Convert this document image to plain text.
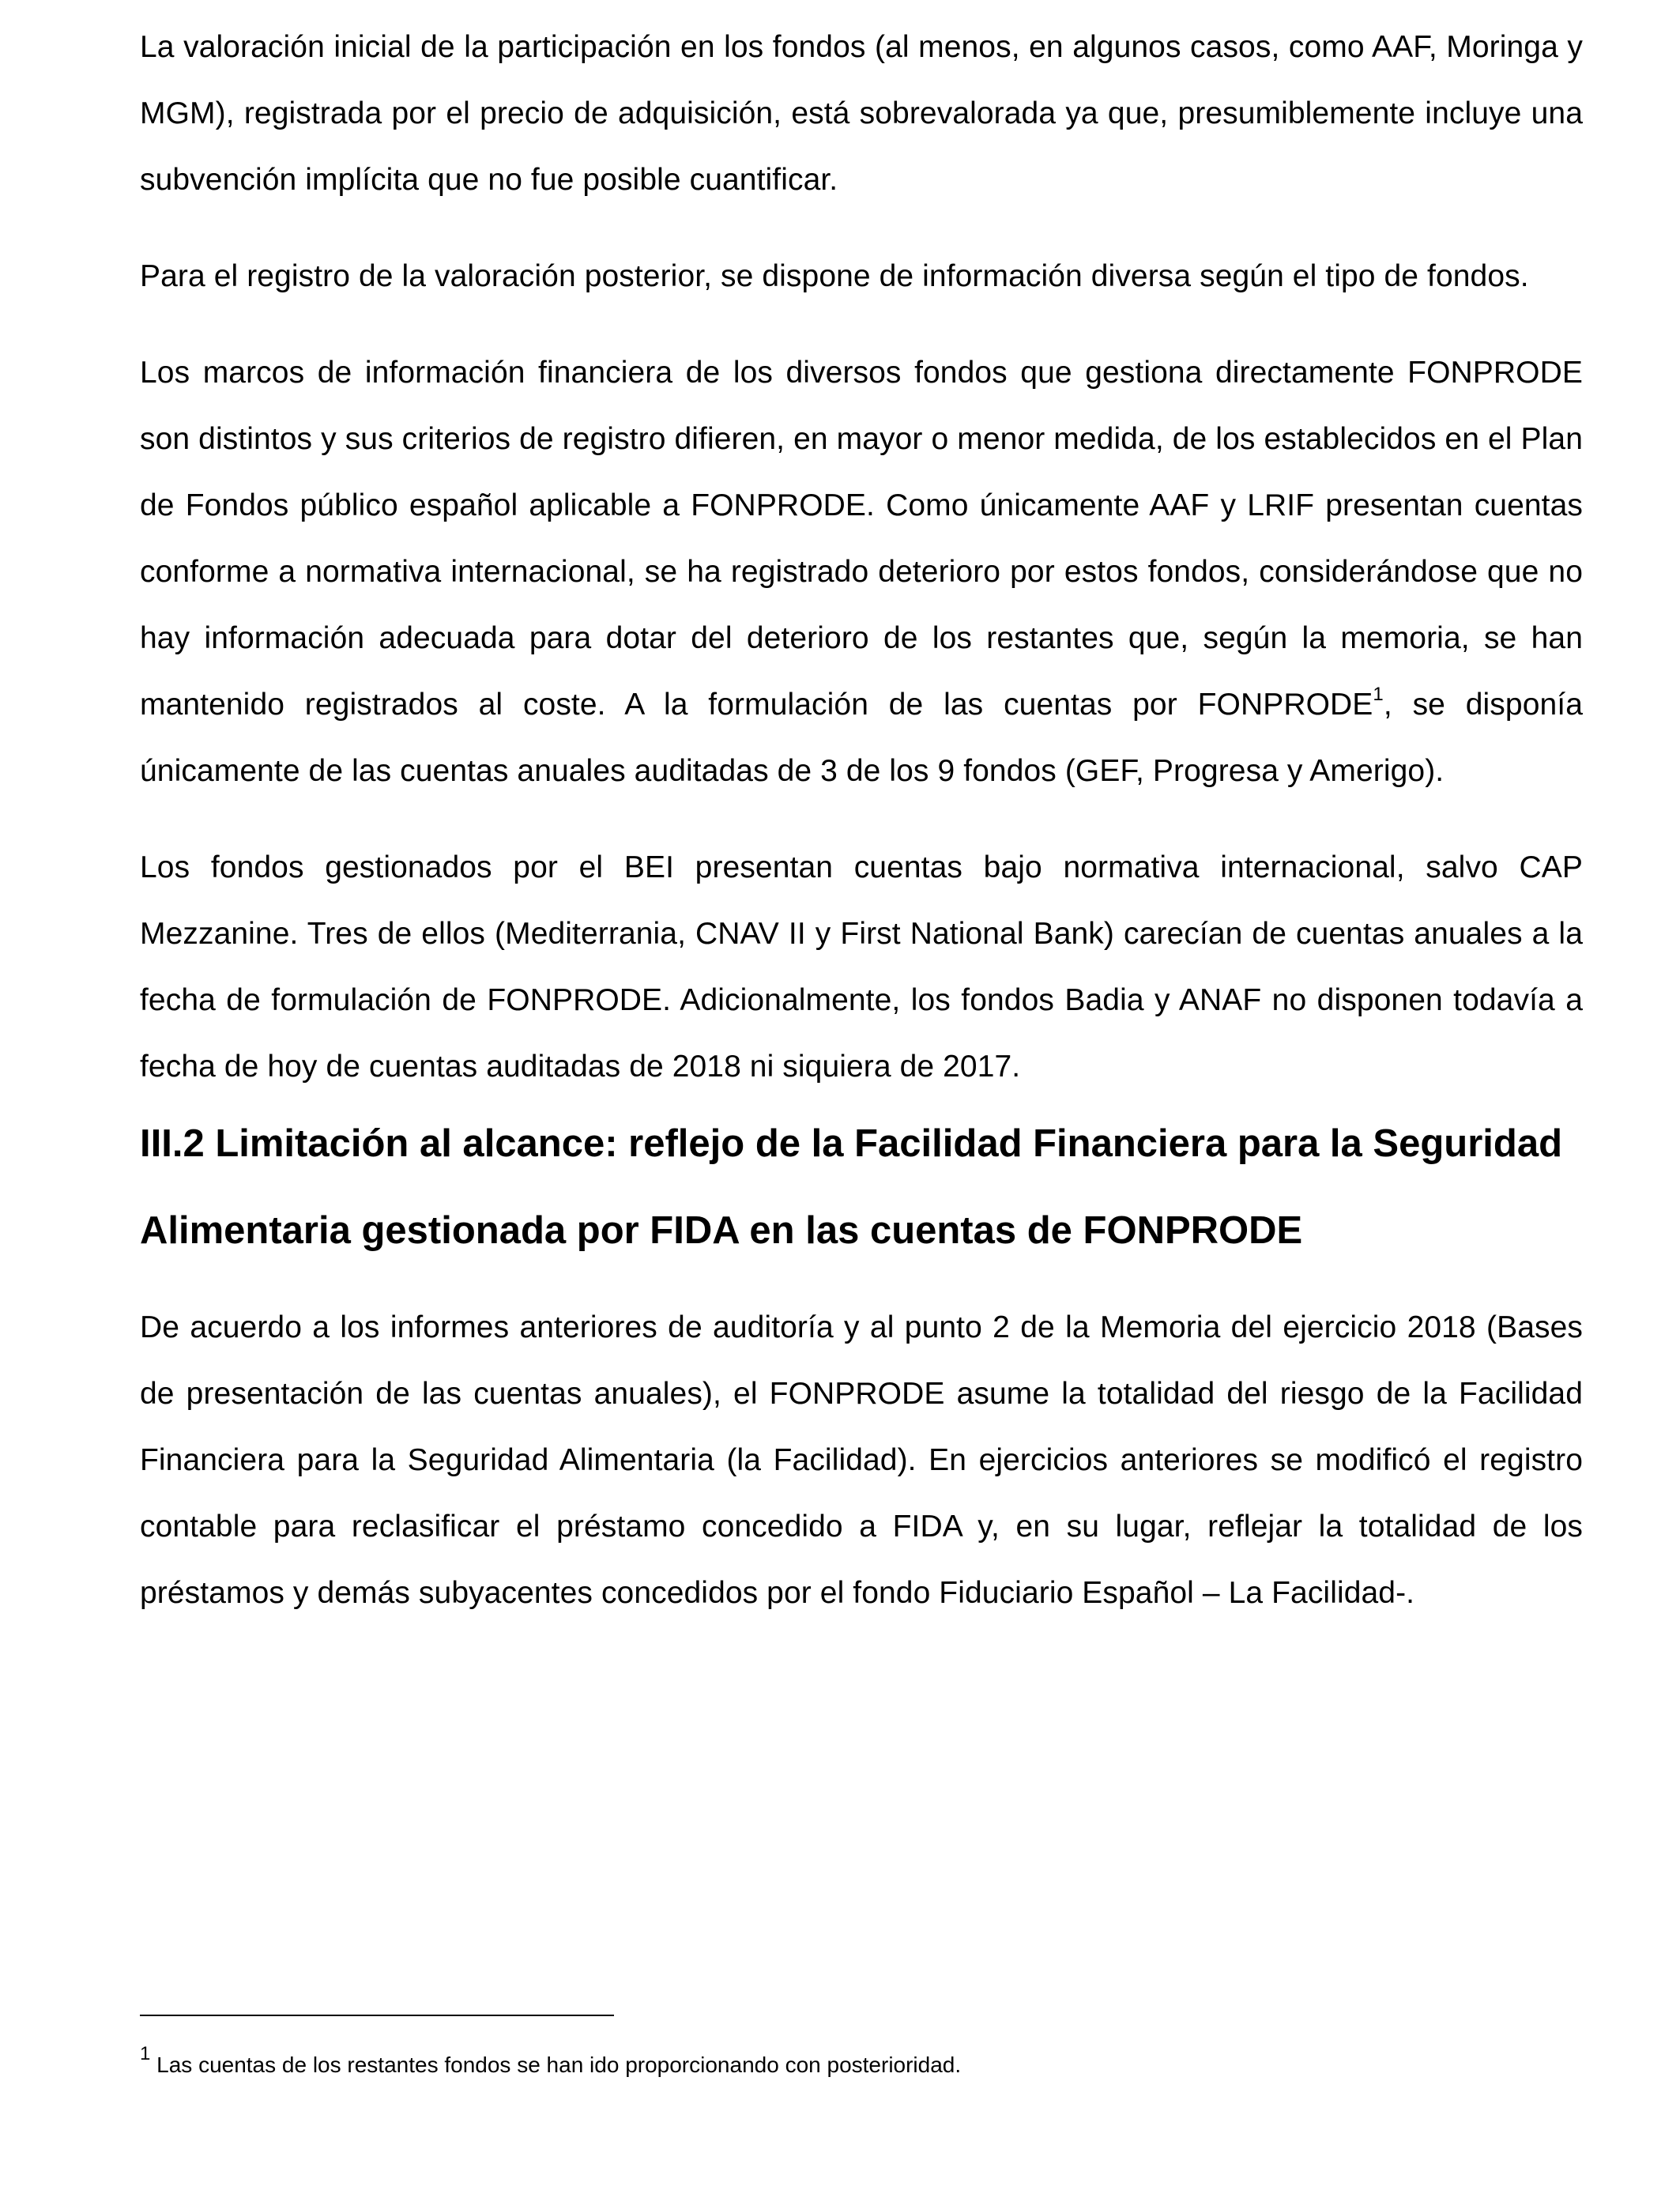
La valoración inicial de la participación en los fondos (al menos, en algunos casos, como AAF, Moringa y MGM), registrada por el precio de adquisición, está sobrevalorada ya que, presumiblemente incluye una subvención implícita que no fue posible cuantificar.

Para el registro de la valoración posterior, se dispone de información diversa según el tipo de fondos.

Los marcos de información financiera de los diversos fondos que gestiona directamente FONPRODE son distintos y sus criterios de registro difieren, en mayor o menor medida, de los establecidos en el Plan de Fondos público español aplicable a FONPRODE. Como únicamente AAF y LRIF presentan cuentas conforme a normativa internacional, se ha registrado deterioro por estos fondos, considerándose que no hay información adecuada para dotar del deterioro de los restantes que, según la memoria, se han mantenido registrados al coste. A la formulación de las cuentas por FONPRODE$^1$, se disponía únicamente de las cuentas anuales auditadas de 3 de los 9 fondos (GEF, Progresa y Amerigo).

Los fondos gestionados por el BEI presentan cuentas bajo normativa internacional, salvo CAP Mezzanine. Tres de ellos (Mediterrania, CNAV II y First National Bank) carecían de cuentas anuales a la fecha de formulación de FONPRODE. Adicionalmente, los fondos Badia y ANAF no disponen todavía a fecha de hoy de cuentas auditadas de 2018 ni siquiera de 2017.

III.2 Limitación al alcance: reflejo de la Facilidad Financiera para la Seguridad Alimentaria gestionada por FIDA en las cuentas de FONPRODE

De acuerdo a los informes anteriores de auditoría y al punto 2 de la Memoria del ejercicio 2018 (Bases de presentación de las cuentas anuales), el FONPRODE asume la totalidad del riesgo de la Facilidad Financiera para la Seguridad Alimentaria (la Facilidad). En ejercicios anteriores se modificó el registro contable para reclasificar el préstamo concedido a FIDA y, en su lugar, reflejar la totalidad de los préstamos y demás subyacentes concedidos por el fondo Fiduciario Español – La Facilidad-.

$^1$ Las cuentas de los restantes fondos se han ido proporcionando con posterioridad.
